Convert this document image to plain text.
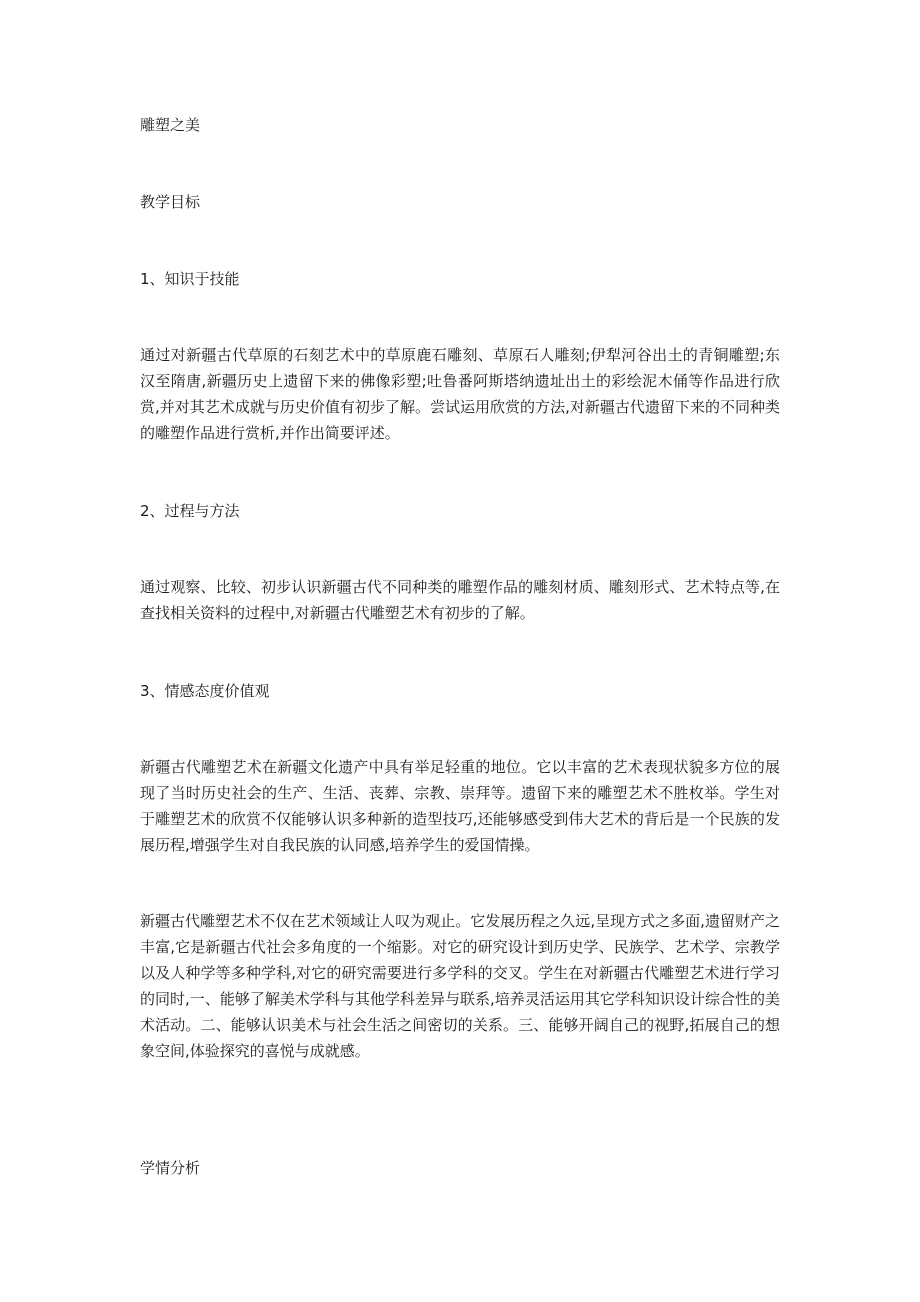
雕塑之美

教学目标

1、知识于技能

通过对新疆古代草原的石刻艺术中的草原鹿石雕刻、草原石人雕刻;伊犁河谷出土的青铜雕塑;东汉至隋唐,新疆历史上遗留下来的佛像彩塑;吐鲁番阿斯塔纳遗址出土的彩绘泥木俑等作品进行欣赏,并对其艺术成就与历史价值有初步了解。尝试运用欣赏的方法,对新疆古代遗留下来的不同种类的雕塑作品进行赏析,并作出简要评述。

2、过程与方法

通过观察、比较、初步认识新疆古代不同种类的雕塑作品的雕刻材质、雕刻形式、艺术特点等,在查找相关资料的过程中,对新疆古代雕塑艺术有初步的了解。

3、情感态度价值观

新疆古代雕塑艺术在新疆文化遗产中具有举足轻重的地位。它以丰富的艺术表现状貌多方位的展现了当时历史社会的生产、生活、丧葬、宗教、崇拜等。遗留下来的雕塑艺术不胜枚举。学生对于雕塑艺术的欣赏不仅能够认识多种新的造型技巧,还能够感受到伟大艺术的背后是一个民族的发展历程,增强学生对自我民族的认同感,培养学生的爱国情操。

新疆古代雕塑艺术不仅在艺术领域让人叹为观止。它发展历程之久远,呈现方式之多面,遗留财产之丰富,它是新疆古代社会多角度的一个缩影。对它的研究设计到历史学、民族学、艺术学、宗教学以及人种学等多种学科,对它的研究需要进行多学科的交叉。学生在对新疆古代雕塑艺术进行学习的同时,一、能够了解美术学科与其他学科差异与联系,培养灵活运用其它学科知识设计综合性的美术活动。二、能够认识美术与社会生活之间密切的关系。三、能够开阔自己的视野,拓展自己的想象空间,体验探究的喜悦与成就感。

学情分析
